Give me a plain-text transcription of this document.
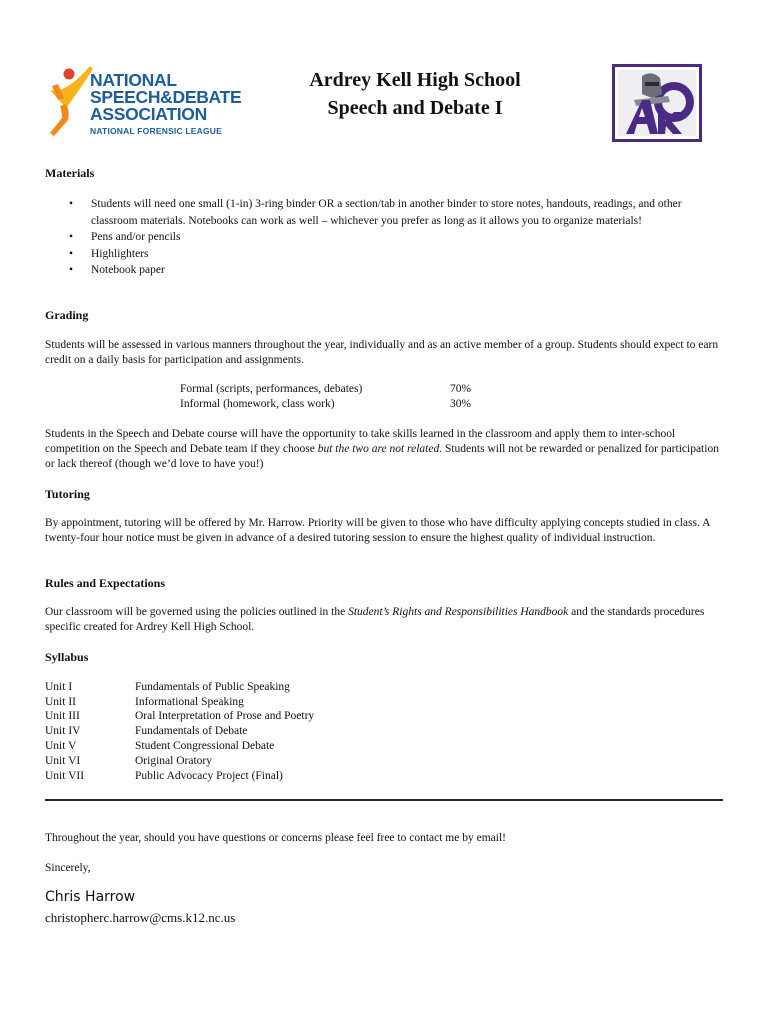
NATIONAL
SPEECH&DEBATE
ASSOCIATION
NATIONAL FORENSIC LEAGUE
Ardrey Kell High School
Speech and Debate I
Materials
• Students will need one small (1-in) 3-ring binder OR a section/tab in another binder to store notes, handouts, readings, and other classroom materials. Notebooks can work as well – whichever you prefer as long as it allows you to organize materials!
• Pens and/or pencils
• Highlighters
• Notebook paper
Grading
Students will be assessed in various manners throughout the year, individually and as an active member of a group. Students should expect to earn credit on a daily basis for participation and assignments.
Formal (scripts, performances, debates)	70%
Informal (homework, class work)	30%
Students in the Speech and Debate course will have the opportunity to take skills learned in the classroom and apply them to inter-school competition on the Speech and Debate team if they choose but the two are not related. Students will not be rewarded or penalized for participation or lack thereof (though we’d love to have you!)
Tutoring
By appointment, tutoring will be offered by Mr. Harrow. Priority will be given to those who have difficulty applying concepts studied in class. A twenty-four hour notice must be given in advance of a desired tutoring session to ensure the highest quality of individual instruction.
Rules and Expectations
Our classroom will be governed using the policies outlined in the Student’s Rights and Responsibilities Handbook and the standards procedures specific created for Ardrey Kell High School.
Syllabus
Unit I	Fundamentals of Public Speaking
Unit II	Informational Speaking
Unit III	Oral Interpretation of Prose and Poetry
Unit IV	Fundamentals of Debate
Unit V	Student Congressional Debate
Unit VI	Original Oratory
Unit VII	Public Advocacy Project (Final)
Throughout the year, should you have questions or concerns please feel free to contact me by email!
Sincerely,
Chris Harrow
christopherc.harrow@cms.k12.nc.us
